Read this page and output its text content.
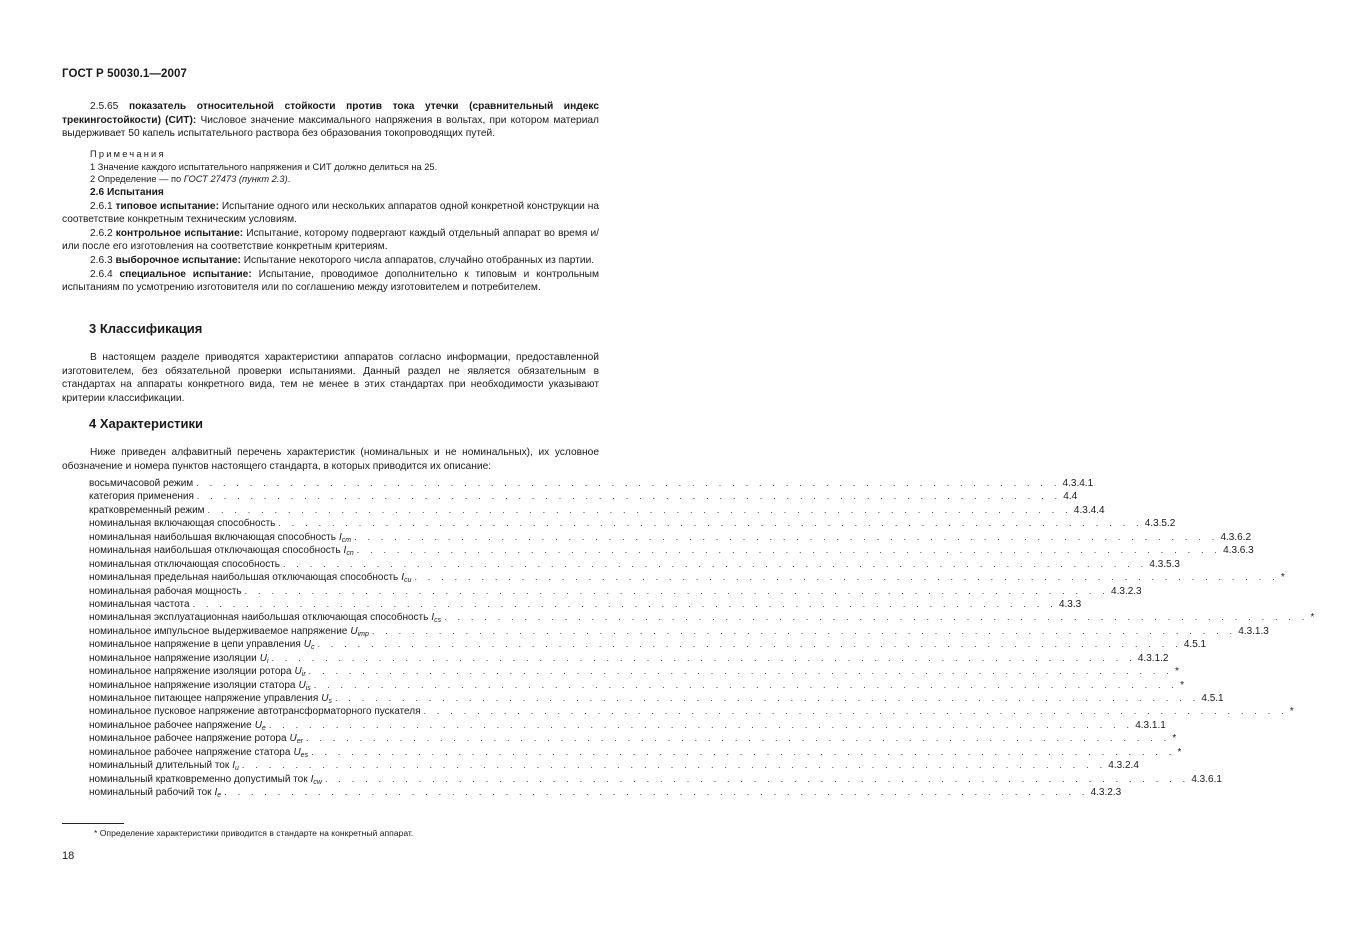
ГОСТ Р 50030.1—2007
2.5.65 показатель относительной стойкости против тока утечки (сравнительный индекс трекингостойкости) (СИТ): Числовое значение максимального напряжения в вольтах, при котором материал выдерживает 50 капель испытательного раствора без образования токопроводящих путей.
Примечания
1 Значение каждого испытательного напряжения и СИТ должно делиться на 25.
2 Определение — по ГОСТ 27473 (пункт 2.3).
2.6 Испытания
2.6.1 типовое испытание: Испытание одного или нескольких аппаратов одной конкретной конструкции на соответствие конкретным техническим условиям.
2.6.2 контрольное испытание: Испытание, которому подвергают каждый отдельный аппарат во время и/или после его изготовления на соответствие конкретным критериям.
2.6.3 выборочное испытание: Испытание некоторого числа аппаратов, случайно отобранных из партии.
2.6.4 специальное испытание: Испытание, проводимое дополнительно к типовым и контрольным испытаниям по усмотрению изготовителя или по соглашению между изготовителем и потребителем.
3 Классификация
В настоящем разделе приводятся характеристики аппаратов согласно информации, предоставленной изготовителем, без обязательной проверки испытаниями. Данный раздел не является обязательным в стандартах на аппараты конкретного вида, тем не менее в этих стандартах при необходимости указывают критерии классификации.
4 Характеристики
Ниже приведен алфавитный перечень характеристик (номинальных и не номинальных), их условное обозначение и номера пунктов настоящего стандарта, в которых приводится их описание:
восьмичасовой режим . . . . . . . . . . . . . . . . . . . . . . . . . . . . . . . . . . . . . . . . . . . . . . . . . . . . . . . . . . . . . . . . . 4.3.4.1
категория применения . . . . . . . . . . . . . . . . . . . . . . . . . . . . . . . . . . . . . . . . . . . . . . . . . . . . . . . . . . . . . . . . . 4.4
кратковременный режим . . . . . . . . . . . . . . . . . . . . . . . . . . . . . . . . . . . . . . . . . . . . . . . . . . . . . . . . . . . . . . . . . 4.3.4.4
номинальная включающая способность . . . . . . . . . . . . . . . . . . . . . . . . . . . . . . . . . . . . . . . . . . . . . . . . . . . . . . . . . . . . . . . . . 4.3.5.2
номинальная наибольшая включающая способность $I_{cm}$ . . . . . . . . . . . . . . . . . . . . . . . . . . . . . . . . . . . . . . . . . . . . . . . . . . . . . . . . . . . . . . . . . 4.3.6.2
номинальная наибольшая отключающая способность $I_{cn}$ . . . . . . . . . . . . . . . . . . . . . . . . . . . . . . . . . . . . . . . . . . . . . . . . . . . . . . . . . . . . . . . . . 4.3.6.3
номинальная отключающая способность . . . . . . . . . . . . . . . . . . . . . . . . . . . . . . . . . . . . . . . . . . . . . . . . . . . . . . . . . . . . . . . . . 4.3.5.3
номинальная предельная наибольшая отключающая способность $I_{cu}$ . . . . . . . . . . . . . . . . . . . . . . . . . . . . . . . . . . . . . . . . . . . . . . . . . . . . . . . . . . . . . . . . . *
номинальная рабочая мощность . . . . . . . . . . . . . . . . . . . . . . . . . . . . . . . . . . . . . . . . . . . . . . . . . . . . . . . . . . . . . . . . . 4.3.2.3
номинальная частота . . . . . . . . . . . . . . . . . . . . . . . . . . . . . . . . . . . . . . . . . . . . . . . . . . . . . . . . . . . . . . . . . 4.3.3
номинальная эксплуатационная наибольшая отключающая способность $I_{cs}$ . . . . . . . . . . . . . . . . . . . . . . . . . . . . . . . . . . . . . . . . . . . . . . . . . . . . . . . . . . . . . . . . . *
номинальное импульсное выдерживаемое напряжение $U_{imp}$ . . . . . . . . . . . . . . . . . . . . . . . . . . . . . . . . . . . . . . . . . . . . . . . . . . . . . . . . . . . . . . . . . 4.3.1.3
номинальное напряжение в цепи управления $U_c$ . . . . . . . . . . . . . . . . . . . . . . . . . . . . . . . . . . . . . . . . . . . . . . . . . . . . . . . . . . . . . . . . . 4.5.1
номинальное напряжение изоляции $U_i$ . . . . . . . . . . . . . . . . . . . . . . . . . . . . . . . . . . . . . . . . . . . . . . . . . . . . . . . . . . . . . . . . . 4.3.1.2
номинальное напряжение изоляции ротора $U_{ir}$ . . . . . . . . . . . . . . . . . . . . . . . . . . . . . . . . . . . . . . . . . . . . . . . . . . . . . . . . . . . . . . . . . *
номинальное напряжение изоляции статора $U_{is}$ . . . . . . . . . . . . . . . . . . . . . . . . . . . . . . . . . . . . . . . . . . . . . . . . . . . . . . . . . . . . . . . . . *
номинальное питающее напряжение управления $U_s$ . . . . . . . . . . . . . . . . . . . . . . . . . . . . . . . . . . . . . . . . . . . . . . . . . . . . . . . . . . . . . . . . . 4.5.1
номинальное пусковое напряжение автотрансформаторного пускателя . . . . . . . . . . . . . . . . . . . . . . . . . . . . . . . . . . . . . . . . . . . . . . . . . . . . . . . . . . . . . . . . . *
номинальное рабочее напряжение $U_e$ . . . . . . . . . . . . . . . . . . . . . . . . . . . . . . . . . . . . . . . . . . . . . . . . . . . . . . . . . . . . . . . . . 4.3.1.1
номинальное рабочее напряжение ротора $U_{er}$ . . . . . . . . . . . . . . . . . . . . . . . . . . . . . . . . . . . . . . . . . . . . . . . . . . . . . . . . . . . . . . . . . *
номинальное рабочее напряжение статора $U_{es}$ . . . . . . . . . . . . . . . . . . . . . . . . . . . . . . . . . . . . . . . . . . . . . . . . . . . . . . . . . . . . . . . . . *
номинальный длительный ток $I_u$ . . . . . . . . . . . . . . . . . . . . . . . . . . . . . . . . . . . . . . . . . . . . . . . . . . . . . . . . . . . . . . . . . 4.3.2.4
номинальный кратковременно допустимый ток $I_{cw}$ . . . . . . . . . . . . . . . . . . . . . . . . . . . . . . . . . . . . . . . . . . . . . . . . . . . . . . . . . . . . . . . . . 4.3.6.1
номинальный рабочий ток $I_e$ . . . . . . . . . . . . . . . . . . . . . . . . . . . . . . . . . . . . . . . . . . . . . . . . . . . . . . . . . . . . . . . . . 4.3.2.3
* Определение характеристики приводится в стандарте на конкретный аппарат.
18
